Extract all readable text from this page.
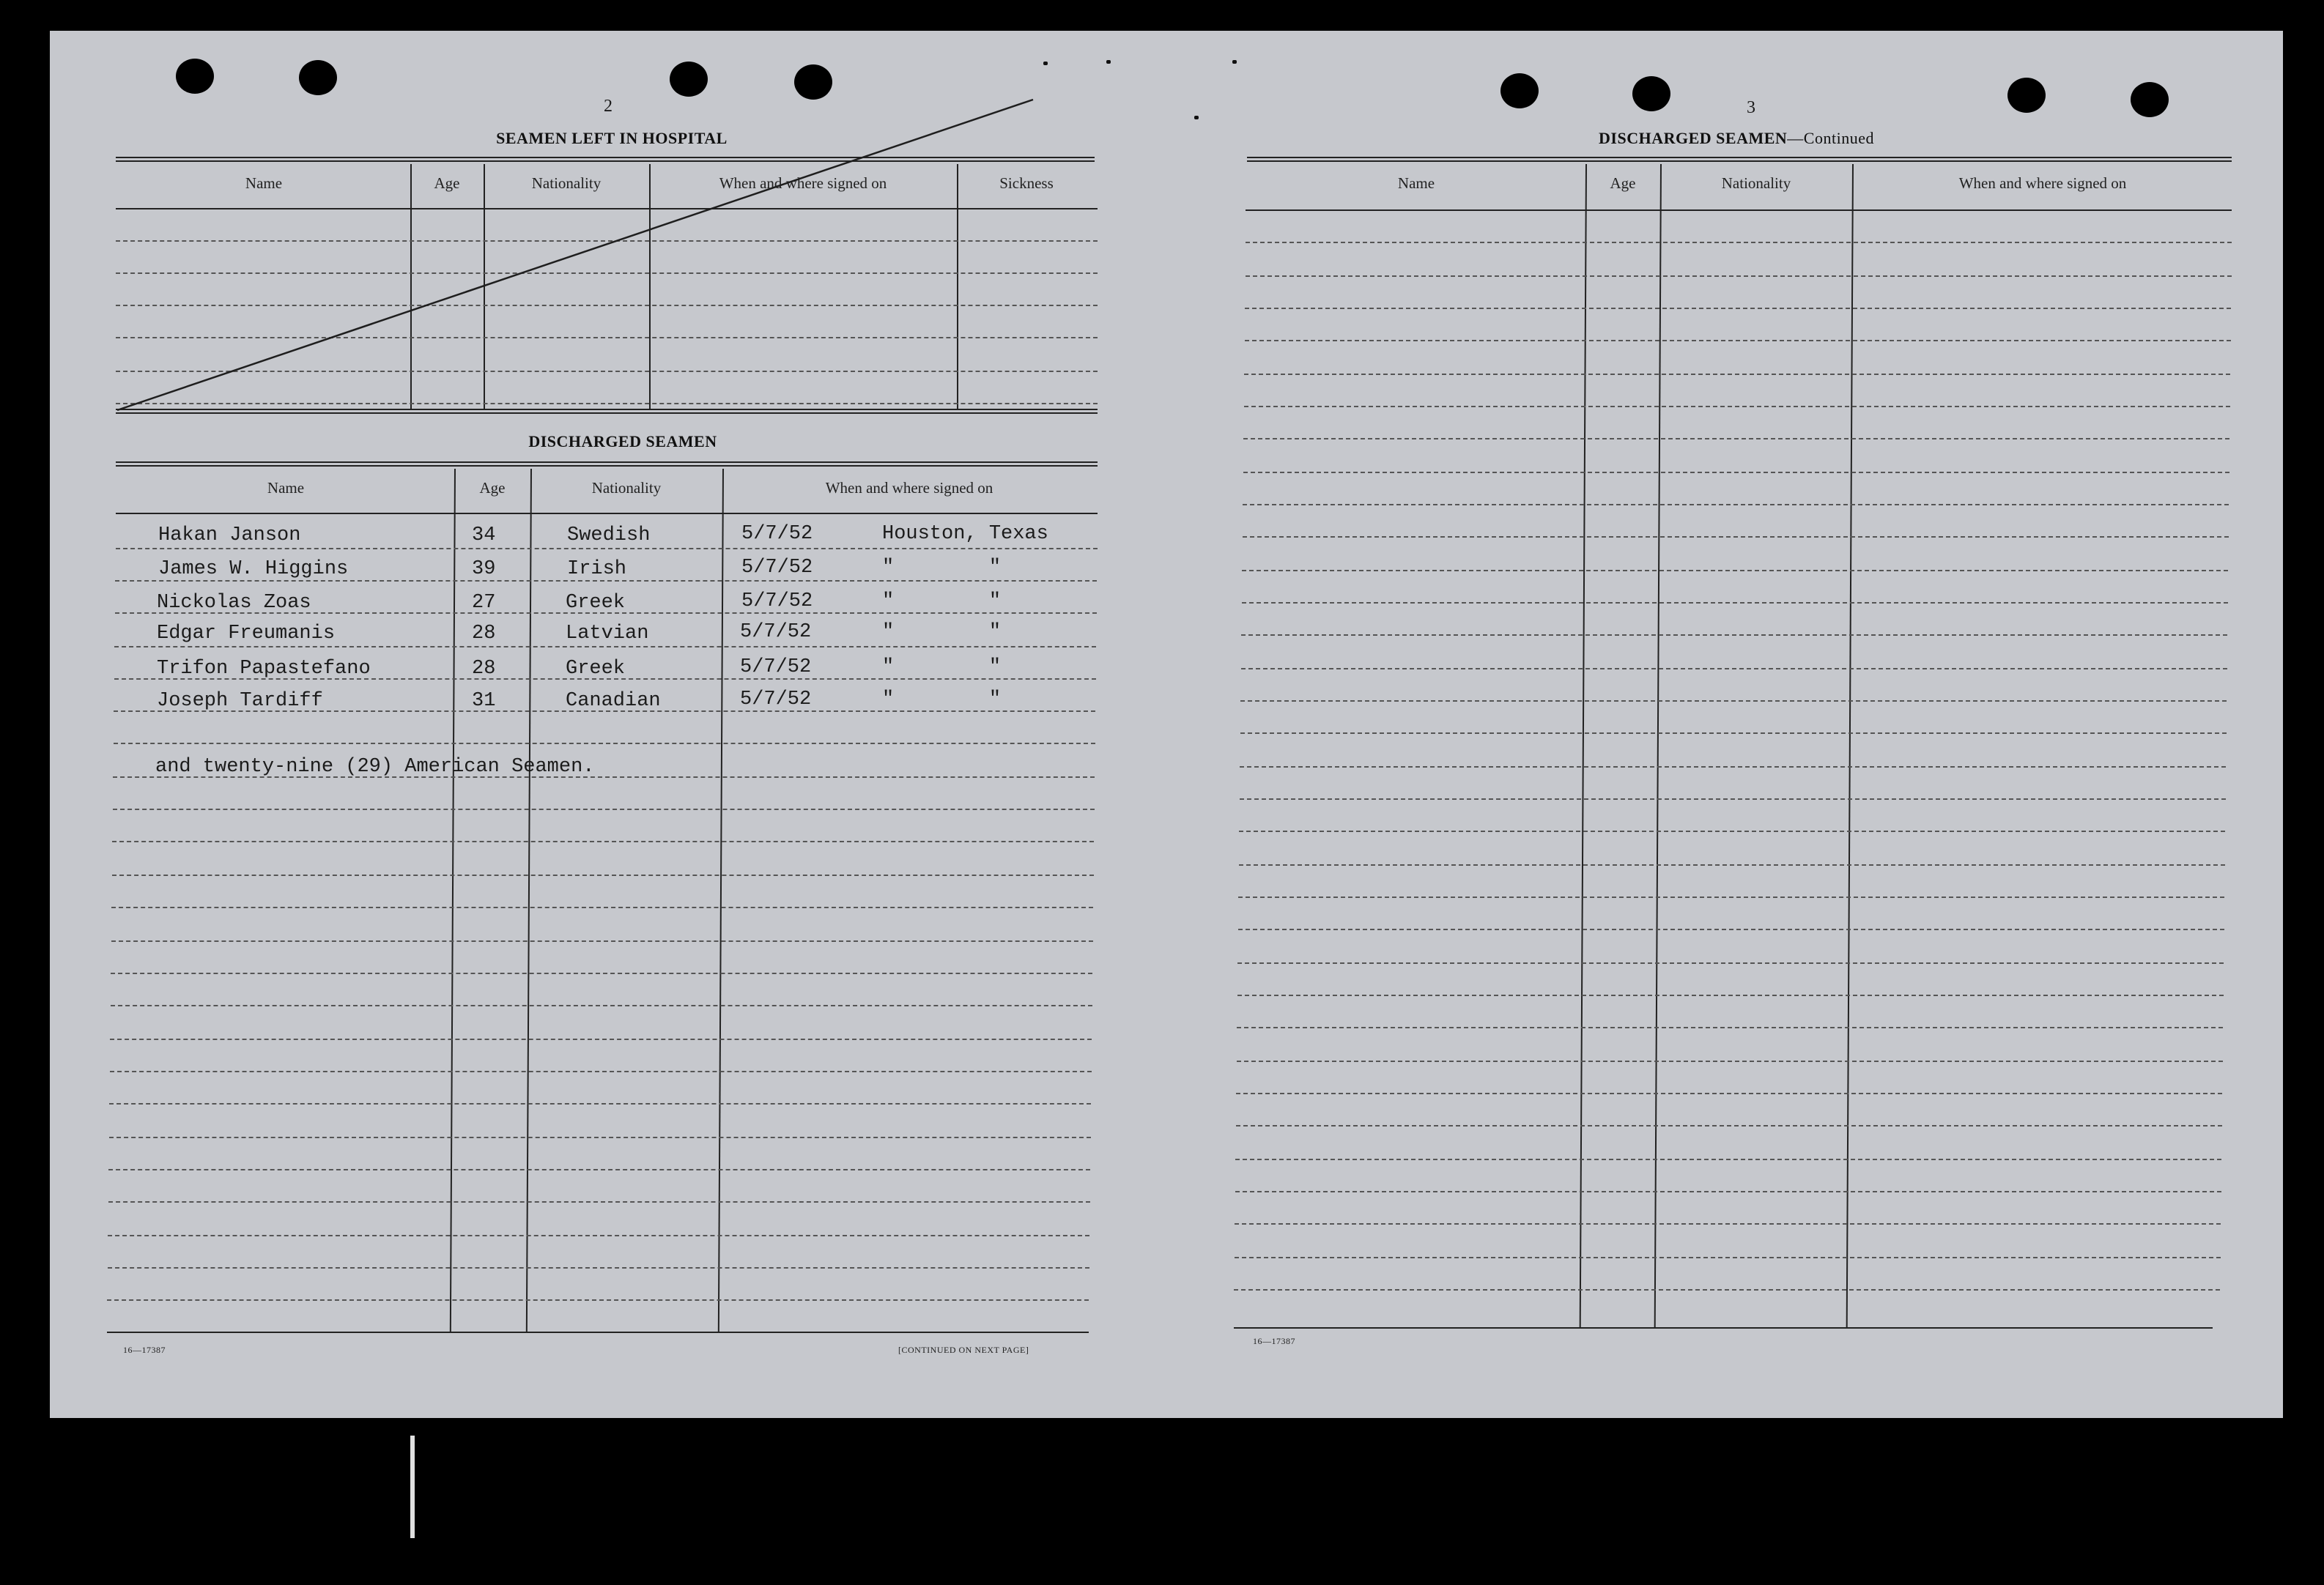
2
SEAMEN LEFT IN HOSPITAL
Name	Age	Nationality	When and where signed on	Sickness
DISCHARGED SEAMEN
Name	Age	Nationality	When and where signed on
Hakan Janson	34	Swedish	5/7/52	Houston, Texas
James W. Higgins	39	Irish	5/7/52	"        "
Nickolas Zoas	27	Greek	5/7/52	"        "
Edgar Freumanis	28	Latvian	5/7/52	"        "
Trifon Papastefano	28	Greek	5/7/52	"        "
Joseph Tardiff	31	Canadian	5/7/52	"        "
and twenty-nine (29) American Seamen.
16—17387	[CONTINUED ON NEXT PAGE]
3
DISCHARGED SEAMEN—Continued
Name	Age	Nationality	When and where signed on
16—17387
